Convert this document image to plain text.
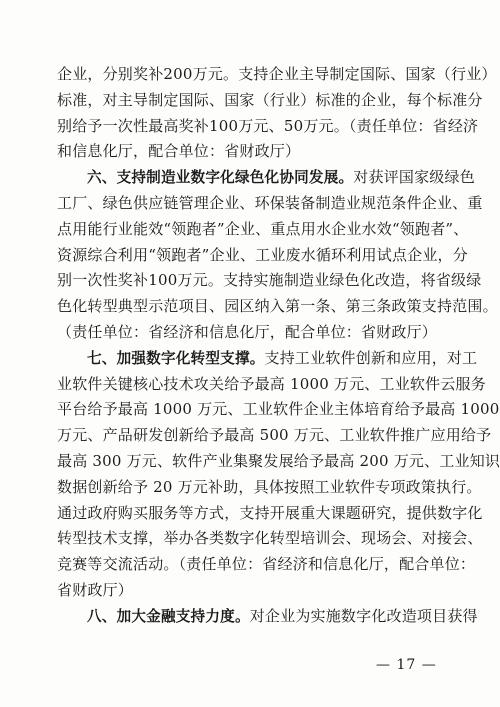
企业，分别奖补200万元。支持企业主导制定国际、国家（行业）
标准，对主导制定国际、国家（行业）标准的企业，每个标准分
别给予一次性最高奖补100万元、50万元。（责任单位：省经济
和信息化厅，配合单位：省财政厅）
六、支持制造业数字化绿色化协同发展。对获评国家级绿色
工厂、绿色供应链管理企业、环保装备制造业规范条件企业、重
点用能行业能效“领跑者”企业、重点用水企业水效“领跑者”、
资源综合利用“领跑者”企业、工业废水循环利用试点企业，分
别一次性奖补100万元。支持实施制造业绿色化改造，将省级绿
色化转型典型示范项目、园区纳入第一条、第三条政策支持范围。
（责任单位：省经济和信息化厅，配合单位：省财政厅）
七、加强数字化转型支撑。支持工业软件创新和应用，对工
业软件关键核心技术攻关给予最高 1000 万元、工业软件云服务
平台给予最高 1000 万元、工业软件企业主体培育给予最高 1000
万元、产品研发创新给予最高 500 万元、工业软件推广应用给予
最高 300 万元、软件产业集聚发展给予最高 200 万元、工业知识
数据创新给予 20 万元补助，具体按照工业软件专项政策执行。
通过政府购买服务等方式，支持开展重大课题研究，提供数字化
转型技术支撑，举办各类数字化转型培训会、现场会、对接会、
竞赛等交流活动。（责任单位：省经济和信息化厅，配合单位：
省财政厅）
八、加大金融支持力度。对企业为实施数字化改造项目获得
— 17 —
